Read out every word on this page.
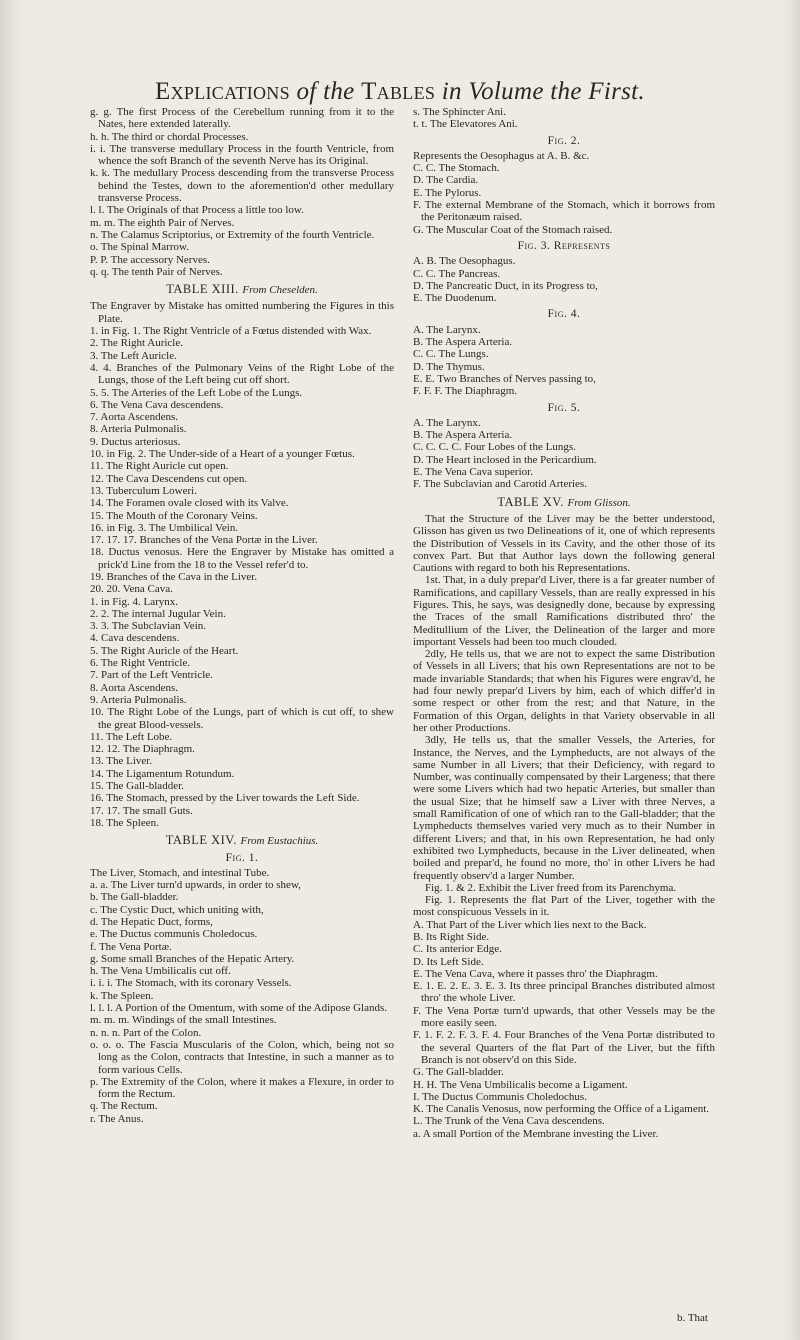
Explications of the Tables in Volume the First.

g. g. The first Process of the Cerebellum running from it to the Nates, here extended laterally.

h. h. The third or chordal Processes.

i. i. The transverse medullary Process in the fourth Ventricle, from whence the soft Branch of the seventh Nerve has its Original.

k. k. The medullary Process descending from the transverse Process behind the Testes, down to the aforemention'd other medullary transverse Process.

l. l. The Originals of that Process a little too low.

m. m. The eighth Pair of Nerves.

n. The Calamus Scriptorius, or Extremity of the fourth Ventricle.

o. The Spinal Marrow.

P. P. The accessory Nerves.

q. q. The tenth Pair of Nerves.

TABLE XIII. From Cheselden.

The Engraver by Mistake has omitted numbering the Figures in this Plate.

1. in Fig. 1. The Right Ventricle of a Fœtus distended with Wax.

2. The Right Auricle.

3. The Left Auricle.

4. 4. Branches of the Pulmonary Veins of the Right Lobe of the Lungs, those of the Left being cut off short.

5. 5. The Arteries of the Left Lobe of the Lungs.

6. The Vena Cava descendens.

7. Aorta Ascendens.

8. Arteria Pulmonalis.

9. Ductus arteriosus.

10. in Fig. 2. The Under-side of a Heart of a younger Fœtus.

11. The Right Auricle cut open.

12. The Cava Descendens cut open.

13. Tuberculum Loweri.

14. The Foramen ovale closed with its Valve.

15. The Mouth of the Coronary Veins.

16. in Fig. 3. The Umbilical Vein.

17. 17. 17. Branches of the Vena Portæ in the Liver.

18. Ductus venosus. Here the Engraver by Mistake has omitted a prick'd Line from the 18 to the Vessel refer'd to.

19. Branches of the Cava in the Liver.

20. 20. Vena Cava.

1. in Fig. 4. Larynx.

2. 2. The internal Jugular Vein.

3. 3. The Subclavian Vein.

4. Cava descendens.

5. The Right Auricle of the Heart.

6. The Right Ventricle.

7. Part of the Left Ventricle.

8. Aorta Ascendens.

9. Arteria Pulmonalis.

10. The Right Lobe of the Lungs, part of which is cut off, to shew the great Blood-vessels.

11. The Left Lobe.

12. 12. The Diaphragm.

13. The Liver.

14. The Ligamentum Rotundum.

15. The Gall-bladder.

16. The Stomach, pressed by the Liver towards the Left Side.

17. 17. The small Guts.

18. The Spleen.

TABLE XIV. From Eustachius.

Fig. 1.

The Liver, Stomach, and intestinal Tube.

a. a. The Liver turn'd upwards, in order to shew,

b. The Gall-bladder.

c. The Cystic Duct, which uniting with,

d. The Hepatic Duct, forms,

e. The Ductus communis Choledocus.

f. The Vena Portæ.

g. Some small Branches of the Hepatic Artery.

h. The Vena Umbilicalis cut off.

i. i. i. The Stomach, with its coronary Vessels.

k. The Spleen.

l. l. l. A Portion of the Omentum, with some of the Adipose Glands.

m. m. m. Windings of the small Intestines.

n. n. n. Part of the Colon.

o. o. o. The Fascia Muscularis of the Colon, which, being not so long as the Colon, contracts that Intestine, in such a manner as to form various Cells.

p. The Extremity of the Colon, where it makes a Flexure, in order to form the Rectum.

q. The Rectum.

r. The Anus.

s. The Sphincter Ani.

t. t. The Elevatores Ani.

Fig. 2.

Represents the Oesophagus at A. B. &c.

C. C. The Stomach.

D. The Cardia.

E. The Pylorus.

F. The external Membrane of the Stomach, which it borrows from the Peritonæum raised.

G. The Muscular Coat of the Stomach raised.

Fig. 3. Represents

A. B. The Oesophagus.

C. C. The Pancreas.

D. The Pancreatic Duct, in its Progress to,

E. The Duodenum.

Fig. 4.

A. The Larynx.

B. The Aspera Arteria.

C. C. The Lungs.

D. The Thymus.

E. E. Two Branches of Nerves passing to,

F. F. F. The Diaphragm.

Fig. 5.

A. The Larynx.

B. The Aspera Arteria.

C. C. C. C. Four Lobes of the Lungs.

D. The Heart inclosed in the Pericardium.

E. The Vena Cava superior.

F. The Subclavian and Carotid Arteries.

TABLE XV. From Glisson.

That the Structure of the Liver may be the better understood, Glisson has given us two Delineations of it, one of which represents the Distribution of Vessels in its Cavity, and the other those of its convex Part. But that Author lays down the following general Cautions with regard to both his Representations.

1st. That, in a duly prepar'd Liver, there is a far greater number of Ramifications, and capillary Vessels, than are really expressed in his Figures. This, he says, was designedly done, because by expressing the Traces of the small Ramifications distributed thro' the Meditullium of the Liver, the Delineation of the larger and more important Vessels had been too much clouded.

2dly, He tells us, that we are not to expect the same Distribution of Vessels in all Livers; that his own Representations are not to be made invariable Standards; that when his Figures were engrav'd, he had four newly prepar'd Livers by him, each of which differ'd in some respect or other from the rest; and that Nature, in the Formation of this Organ, delights in that Variety observable in all her other Productions.

3dly, He tells us, that the smaller Vessels, the Arteries, for Instance, the Nerves, and the Lympheducts, are not always of the same Number in all Livers; that their Deficiency, with regard to Number, was continually compensated by their Largeness; that there were some Livers which had two hepatic Arteries, but smaller than the usual Size; that he himself saw a Liver with three Nerves, a small Ramification of one of which ran to the Gall-bladder; that the Lympheducts themselves varied very much as to their Number in different Livers; and that, in his own Representation, he had only exhibited two Lympheducts, because in the Liver delineated, when boiled and prepar'd, he found no more, tho' in other Livers he had frequently observ'd a larger Number.

Fig. 1. & 2. Exhibit the Liver freed from its Parenchyma.

Fig. 1. Represents the flat Part of the Liver, together with the most conspicuous Vessels in it.

A. That Part of the Liver which lies next to the Back.

B. Its Right Side.

C. Its anterior Edge.

D. Its Left Side.

E. The Vena Cava, where it passes thro' the Diaphragm.

E. 1. E. 2. E. 3. E. 3. Its three principal Branches distributed almost thro' the whole Liver.

F. The Vena Portæ turn'd upwards, that other Vessels may be the more easily seen.

F. 1. F. 2. F. 3. F. 4. Four Branches of the Vena Portæ distributed to the several Quarters of the flat Part of the Liver, but the fifth Branch is not observ'd on this Side.

G. The Gall-bladder.

H. H. The Vena Umbilicalis become a Ligament.

I. The Ductus Communis Choledochus.

K. The Canalis Venosus, now performing the Office of a Ligament.

L. The Trunk of the Vena Cava descendens.

a. A small Portion of the Membrane investing the Liver.

b. That
